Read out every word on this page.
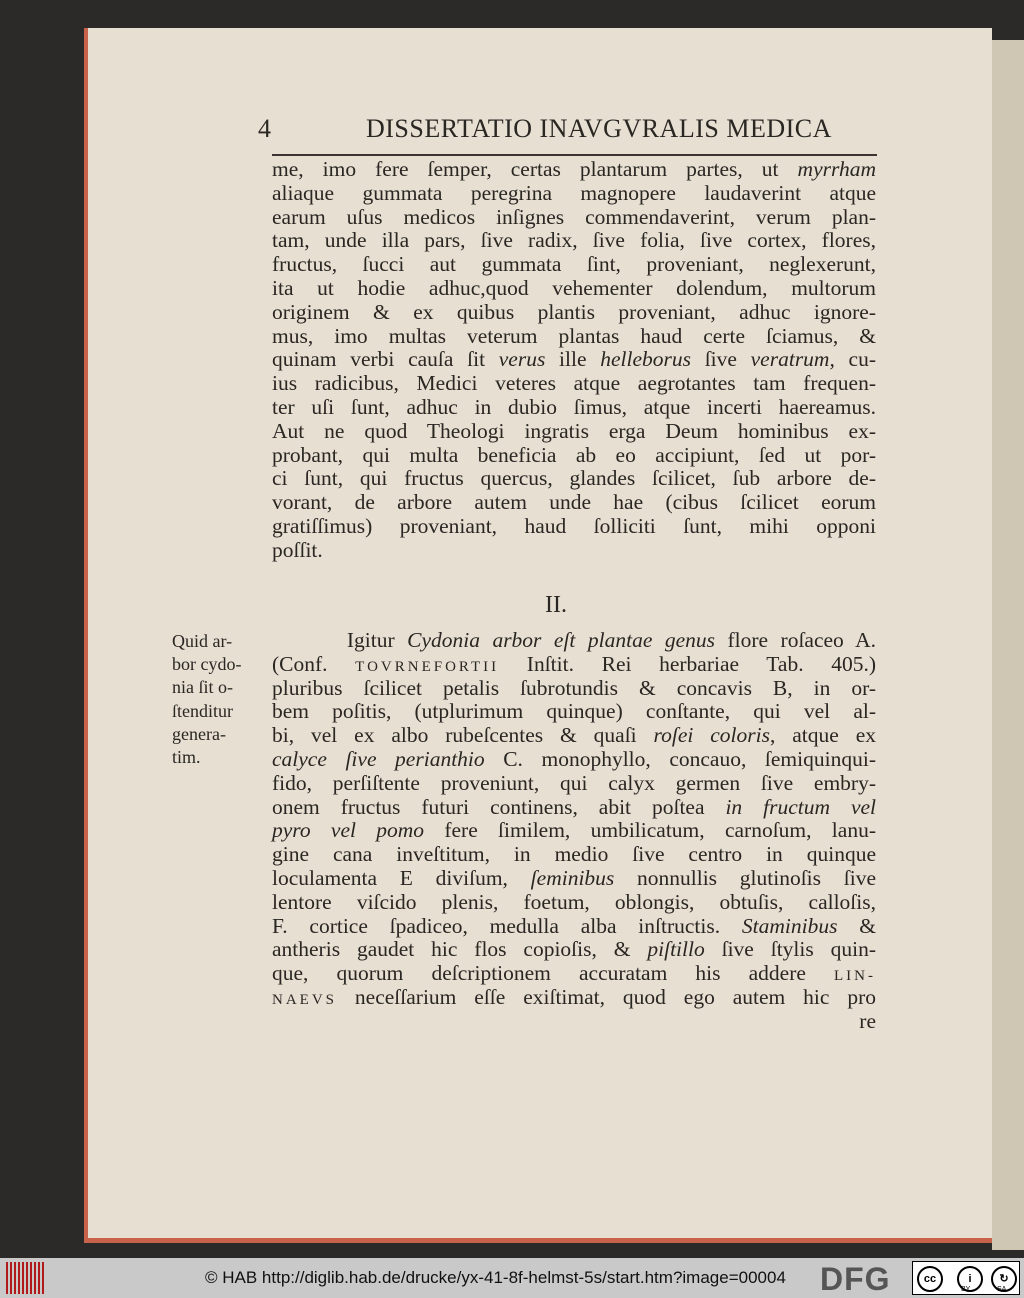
4	DISSERTATIO INAVGVRALIS MEDICA
me, imo fere ſemper, certas plantarum partes, ut myrrham
aliaque gummata peregrina magnopere laudaverint atque
earum uſus medicos inſignes commendaverint, verum plan-
tam, unde illa pars, ſive radix, ſive folia, ſive cortex, flores,
fructus, ſucci aut gummata ſint, proveniant, neglexerunt,
ita ut hodie adhuc,quod vehementer dolendum, multorum
originem & ex quibus plantis proveniant, adhuc ignore-
mus, imo multas veterum plantas haud certe ſciamus, &
quinam verbi cauſa ſit verus ille helleborus ſive veratrum, cu-
ius radicibus, Medici veteres atque aegrotantes tam frequen-
ter uſi ſunt, adhuc in dubio ſimus, atque incerti haereamus.
Aut ne quod Theologi ingratis erga Deum hominibus ex-
probant, qui multa beneficia ab eo accipiunt, ſed ut por-
ci ſunt, qui fructus quercus, glandes ſcilicet, ſub arbore de-
vorant, de arbore autem unde hae (cibus ſcilicet eorum
gratiſſimus) proveniant, haud ſolliciti ſunt, mihi opponi
poſſit.
II.
Quid ar-
bor cydo-
nia ſit o-
ſtenditur
genera-
tim.
Igitur Cydonia arbor eſt plantae genus flore roſaceo A.
(Conf. TOVRNEFORTII Inſtit. Rei herbariae Tab. 405.)
pluribus ſcilicet petalis ſubrotundis & concavis B, in or-
bem poſitis, (utplurimum quinque) conſtante, qui vel al-
bi, vel ex albo rubeſcentes & quaſi roſei coloris, atque ex
calyce ſive perianthio C. monophyllo, concauo, ſemiquinqui-
fido, perſiſtente proveniunt, qui calyx germen ſive embry-
onem fructus futuri continens, abit poſtea in fructum vel
pyro vel pomo fere ſimilem, umbilicatum, carnoſum, lanu-
gine cana inveſtitum, in medio ſive centro in quinque
loculamenta E diviſum, ſeminibus nonnullis glutinoſis ſive
lentore viſcido plenis, foetum, oblongis, obtuſis, calloſis,
F. cortice ſpadiceo, medulla alba inſtructis. Staminibus &
antheris gaudet hic flos copioſis, & piſtillo ſive ſtylis quin-
que, quorum deſcriptionem accuratam his addere LIN-
NAEVS neceſſarium eſſe exiſtimat, quod ego autem hic pro
re
© HAB http://diglib.hab.de/drucke/yx-41-8f-helmst-5s/start.htm?image=00004 DFG	cc	i	↻
BY	SA
